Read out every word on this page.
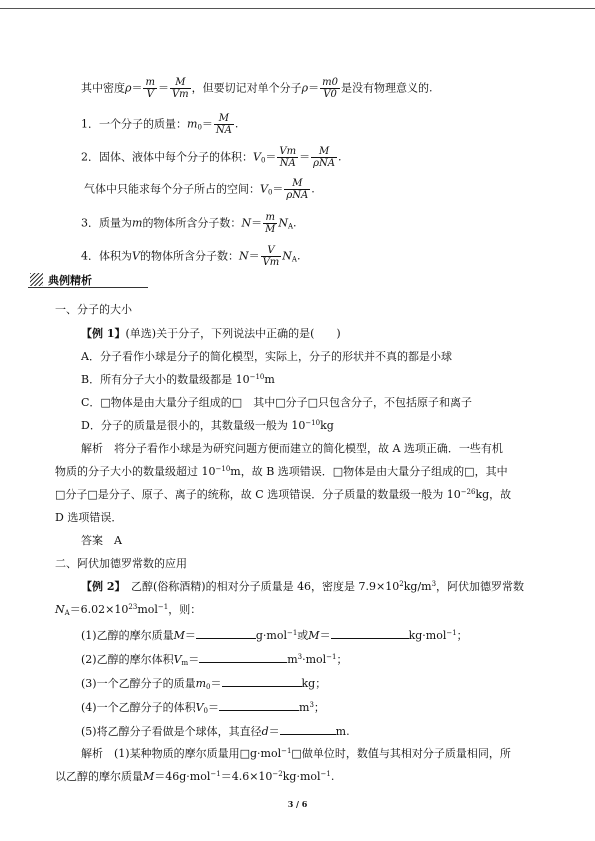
其中密度$\rho= \frac{m}{V} = \frac{M}{Vm}$ ，但要切记对单个分子$\rho= \frac{m0}{V0}$ 是没有物理意义的.
1．一个分子的质量：$m_0= \frac{M}{NA}$ .
2．固体、液体中每个分子的体积：$V_0= \frac{Vm}{NA} = \frac{M}{\text{ρNA}}$ .
气体中只能求每个分子所占的空间：$V_0= \frac{M}{\text{ρNA}}$ .
3．质量为m的物体所含分子数：$N= \frac{m}{M} N_A$.
4．体积为V的物体所含分子数：$N= \frac{V}{Vm} N_A$.
典例精析
一、分子的大小
【例 1】(单选)关于分子，下列说法中正确的是(　　)
A．分子看作小球是分子的简化模型，实际上，分子的形状并不真的都是小球
B．所有分子大小的数量级都是 $10^{-10}m$
C．□物体是由大量分子组成的□　其中□分子□只包含分子，不包括原子和离子
D．分子的质量是很小的，其数量级一般为 $10^{-10}kg$
解析　将分子看作小球是为研究问题方便而建立的简化模型，故 A 选项正确．一些有机
物质的分子大小的数量级超过 $10^{-10}m$，故 B 选项错误．□物体是由大量分子组成的□，其中
□分子□是分子、原子、离子的统称，故 C 选项错误．分子质量的数量级一般为 $10^{-26}kg$，故
D 选项错误．
答案　A
二、阿伏加德罗常数的应用
【例 2】　乙醇(俗称酒精)的相对分子质量是 46，密度是 $7.9\times 10^2kg/m^3$，阿伏加德罗常数
$N_A=6.02\times 10^{23}mol^{-1}$，则：
(1)乙醇的摩尔质量M＝	g·mol$^{-1}$或M＝	kg·mol$^{-1}$；
(2)乙醇的摩尔体积$V_m=$	$m^3\cdot mol^{-1}$；
(3)一个乙醇分子的质量$m_0=$	kg；
(4)一个乙醇分子的体积$V_0=$	$m^3$；
(5)将乙醇分子看做是个球体，其直径d＝	m.
解析　(1)某种物质的摩尔质量用□g·mol$^{-1}$□做单位时，数值与其相对分子质量相同，所
以乙醇的摩尔质量$M=46g\cdot mol^{-1}=4.6\times 10^{-2}kg\cdot mol^{-1}$.
3 / 6
